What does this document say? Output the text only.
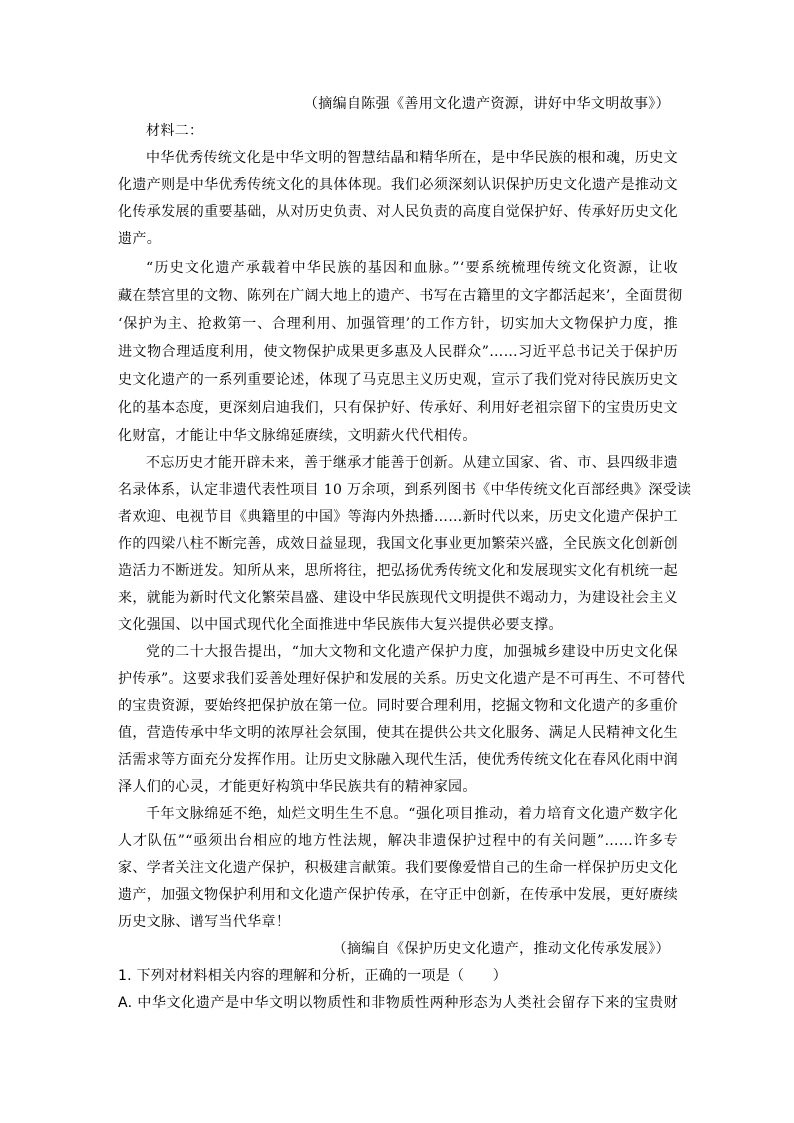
（摘编自陈强《善用文化遗产资源，讲好中华文明故事》）
材料二：
中华优秀传统文化是中华文明的智慧结晶和精华所在，是中华民族的根和魂，历史文
化遗产则是中华优秀传统文化的具体体现。我们必须深刻认识保护历史文化遗产是推动文
化传承发展的重要基础，从对历史负责、对人民负责的高度自觉保护好、传承好历史文化
遗产。
“历史文化遗产承载着中华民族的基因和血脉。”‘要系统梳理传统文化资源，让收
藏在禁宫里的文物、陈列在广阔大地上的遗产、书写在古籍里的文字都活起来’，全面贯彻
‘保护为主、抢救第一、合理利用、加强管理’的工作方针，切实加大文物保护力度，推
进文物合理适度利用，使文物保护成果更多惠及人民群众”……习近平总书记关于保护历
史文化遗产的一系列重要论述，体现了马克思主义历史观，宣示了我们党对待民族历史文
化的基本态度，更深刻启迪我们，只有保护好、传承好、利用好老祖宗留下的宝贵历史文
化财富，才能让中华文脉绵延赓续，文明薪火代代相传。
不忘历史才能开辟未来，善于继承才能善于创新。从建立国家、省、市、县四级非遗
名录体系，认定非遗代表性项目 10 万余项，到系列图书《中华传统文化百部经典》深受读
者欢迎、电视节目《典籍里的中国》等海内外热播……新时代以来，历史文化遗产保护工
作的四梁八柱不断完善，成效日益显现，我国文化事业更加繁荣兴盛，全民族文化创新创
造活力不断迸发。知所从来，思所将往，把弘扬优秀传统文化和发展现实文化有机统一起
来，就能为新时代文化繁荣昌盛、建设中华民族现代文明提供不竭动力，为建设社会主义
文化强国、以中国式现代化全面推进中华民族伟大复兴提供必要支撑。
党的二十大报告提出，“加大文物和文化遗产保护力度，加强城乡建设中历史文化保
护传承”。这要求我们妥善处理好保护和发展的关系。历史文化遗产是不可再生、不可替代
的宝贵资源，要始终把保护放在第一位。同时要合理利用，挖掘文物和文化遗产的多重价
值，营造传承中华文明的浓厚社会氛围，使其在提供公共文化服务、满足人民精神文化生
活需求等方面充分发挥作用。让历史文脉融入现代生活，使优秀传统文化在春风化雨中润
泽人们的心灵，才能更好构筑中华民族共有的精神家园。
千年文脉绵延不绝，灿烂文明生生不息。“强化项目推动，着力培育文化遗产数字化
人才队伍”“亟须出台相应的地方性法规，解决非遗保护过程中的有关问题”……许多专
家、学者关注文化遗产保护，积极建言献策。我们要像爱惜自己的生命一样保护历史文化
遗产，加强文物保护利用和文化遗产保护传承，在守正中创新，在传承中发展，更好赓续
历史文脉、谱写当代华章！
（摘编自《保护历史文化遗产，推动文化传承发展》）
1. 下列对材料相关内容的理解和分析，正确的一项是（　　）
A. 中华文化遗产是中华文明以物质性和非物质性两种形态为人类社会留存下来的宝贵财
